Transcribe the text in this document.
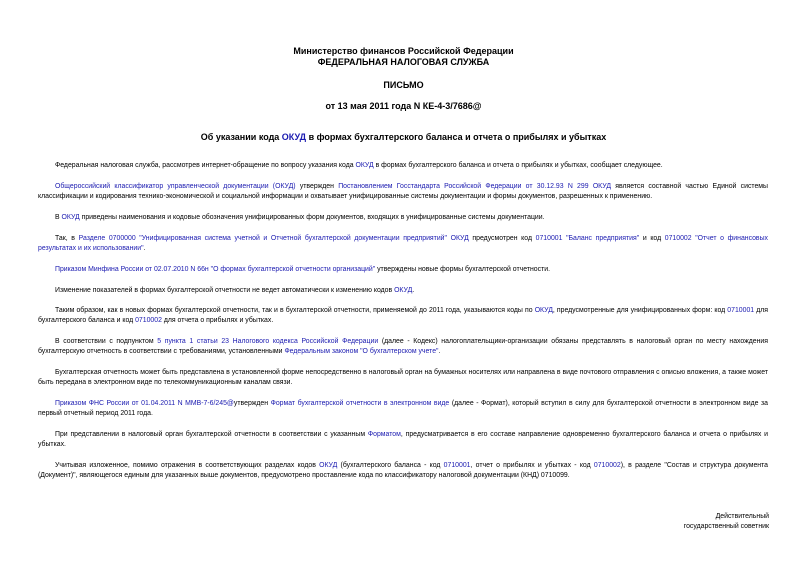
Министерство финансов Российской Федерации
ФЕДЕРАЛЬНАЯ НАЛОГОВАЯ СЛУЖБА
ПИСЬМО
от 13 мая 2011 года N КЕ-4-3/7686@
Об указании кода ОКУД в формах бухгалтерского баланса и отчета о прибылях и убытках
Федеральная налоговая служба, рассмотрев интернет-обращение по вопросу указания кода ОКУД в формах бухгалтерского баланса и отчета о прибылях и убытках, сообщает следующее.
Общероссийский классификатор управленческой документации (ОКУД) утвержден Постановлением Госстандарта Российской Федерации от 30.12.93 N 299 ОКУД является составной частью Единой системы классификации и кодирования технико-экономической и социальной информации и охватывает унифицированные системы документации и формы документов, разрешенных к применению.
В ОКУД приведены наименования и кодовые обозначения унифицированных форм документов, входящих в унифицированные системы документации.
Так, в Разделе 0700000 "Унифицированная система учетной и Отчетной бухгалтерской документации предприятий" ОКУД предусмотрен код 0710001 "Баланс предприятия" и код 0710002 "Отчет о финансовых результатах и их использовании".
Приказом Минфина России от 02.07.2010 N 66н "О формах бухгалтерской отчетности организаций" утверждены новые формы бухгалтерской отчетности.
Изменение показателей в формах бухгалтерской отчетности не ведет автоматически к изменению кодов ОКУД.
Таким образом, как в новых формах бухгалтерской отчетности, так и в бухгалтерской отчетности, применяемой до 2011 года, указываются коды по ОКУД, предусмотренные для унифицированных форм: код 0710001 для бухгалтерского баланса и код 0710002 для отчета о прибылях и убытках.
В соответствии с подпунктом 5 пункта 1 статьи 23 Налогового кодекса Российской Федерации (далее - Кодекс) налогоплательщики-организации обязаны представлять в налоговый орган по месту нахождения бухгалтерскую отчетность в соответствии с требованиями, установленными Федеральным законом "О бухгалтерском учете".
Бухгалтерская отчетность может быть представлена в установленной форме непосредственно в налоговый орган на бумажных носителях или направлена в виде почтового отправления с описью вложения, а также может быть передана в электронном виде по телекоммуникационным каналам связи.
Приказом ФНС России от 01.04.2011 N ММВ-7-6/245@утвержден Формат бухгалтерской отчетности в электронном виде (далее - Формат), который вступил в силу для бухгалтерской отчетности в электронном виде за первый отчетный период 2011 года.
При представлении в налоговый орган бухгалтерской отчетности в соответствии с указанным Форматом, предусматривается в его составе направление одновременно бухгалтерского баланса и отчета о прибылях и убытках.
Учитывая изложенное, помимо отражения в соответствующих разделах кодов ОКУД (бухгалтерского баланса - код 0710001, отчет о прибылях и убытках - код 0710002), в разделе "Состав и структура документа (Документ)", являющегося единым для указанных выше документов, предусмотрено проставление кода по классификатору налоговой документации (КНД) 0710099.
Действительный
государственный советник
